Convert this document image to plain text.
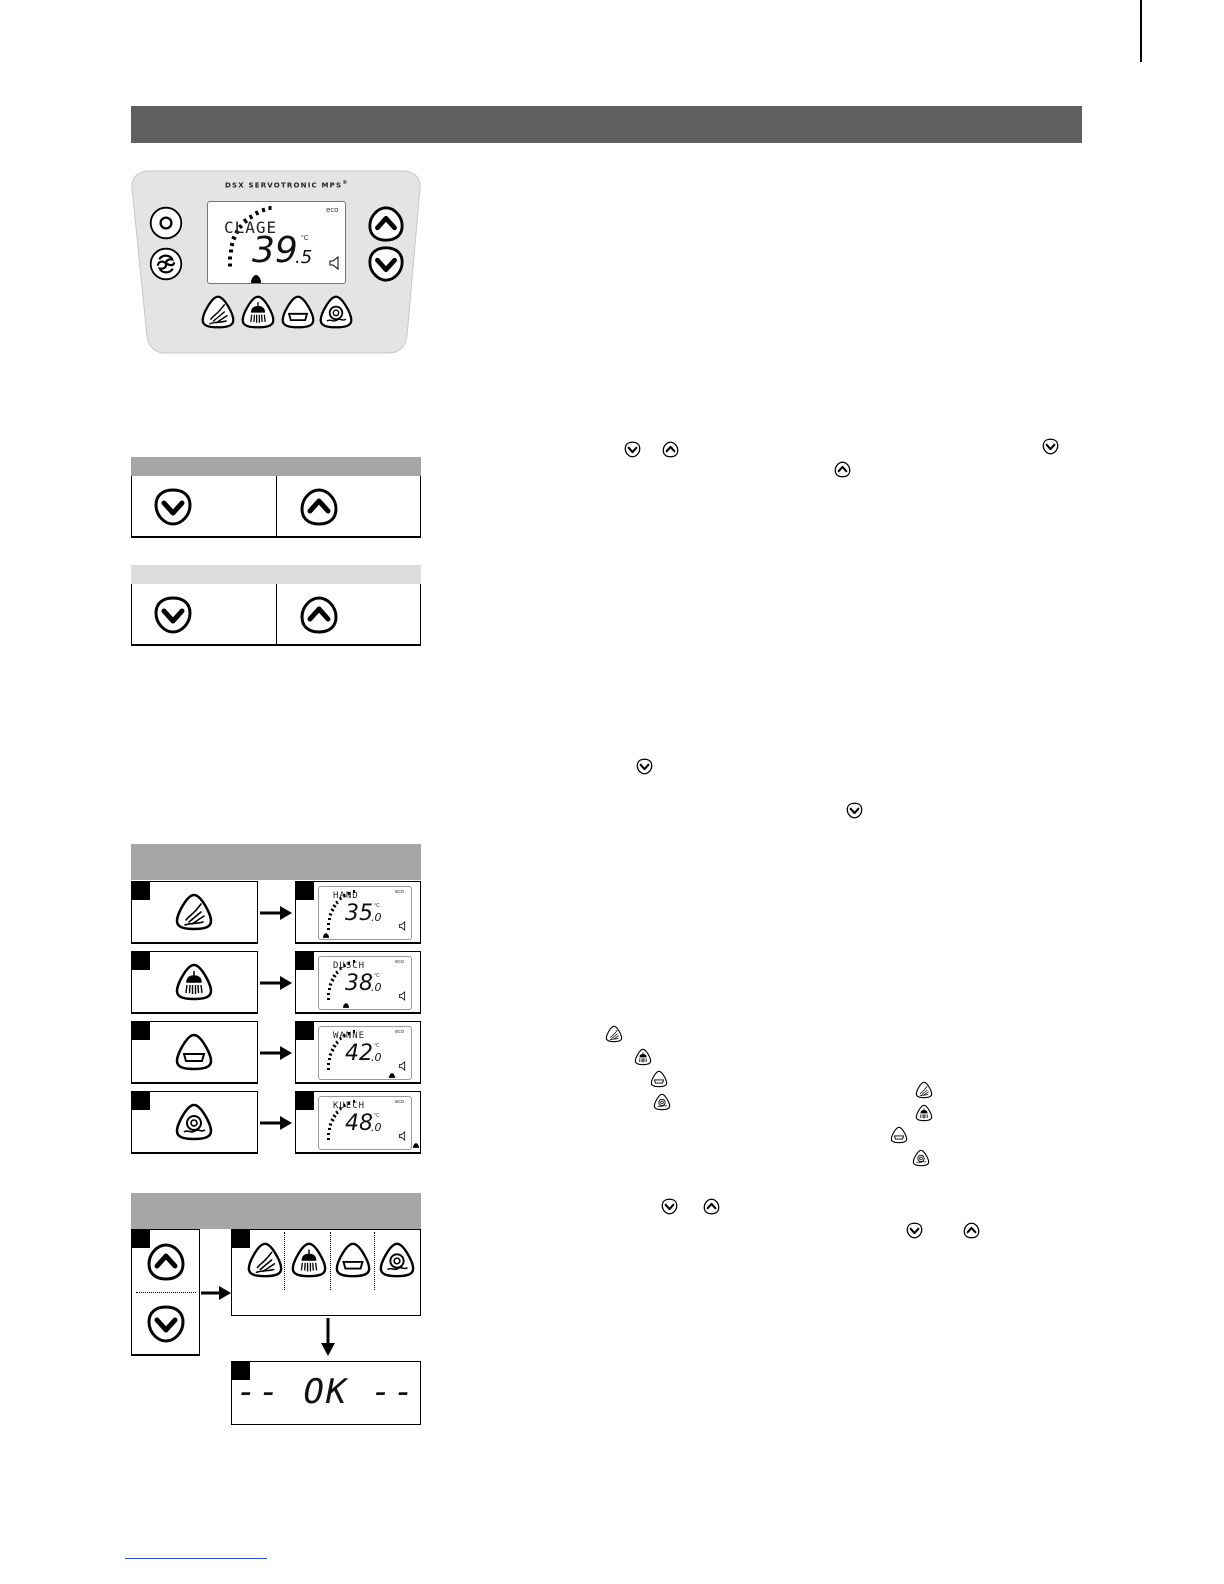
DSX SERVOTRONIC MPS®
CLAGE
39
.5
°C
eco
HAND
35
.0
°C
eco
DUSCH
38
.0
°C
eco
WANNE
42
.0
°C
eco
KUECH
48
.0
°C
eco
-- OK --
